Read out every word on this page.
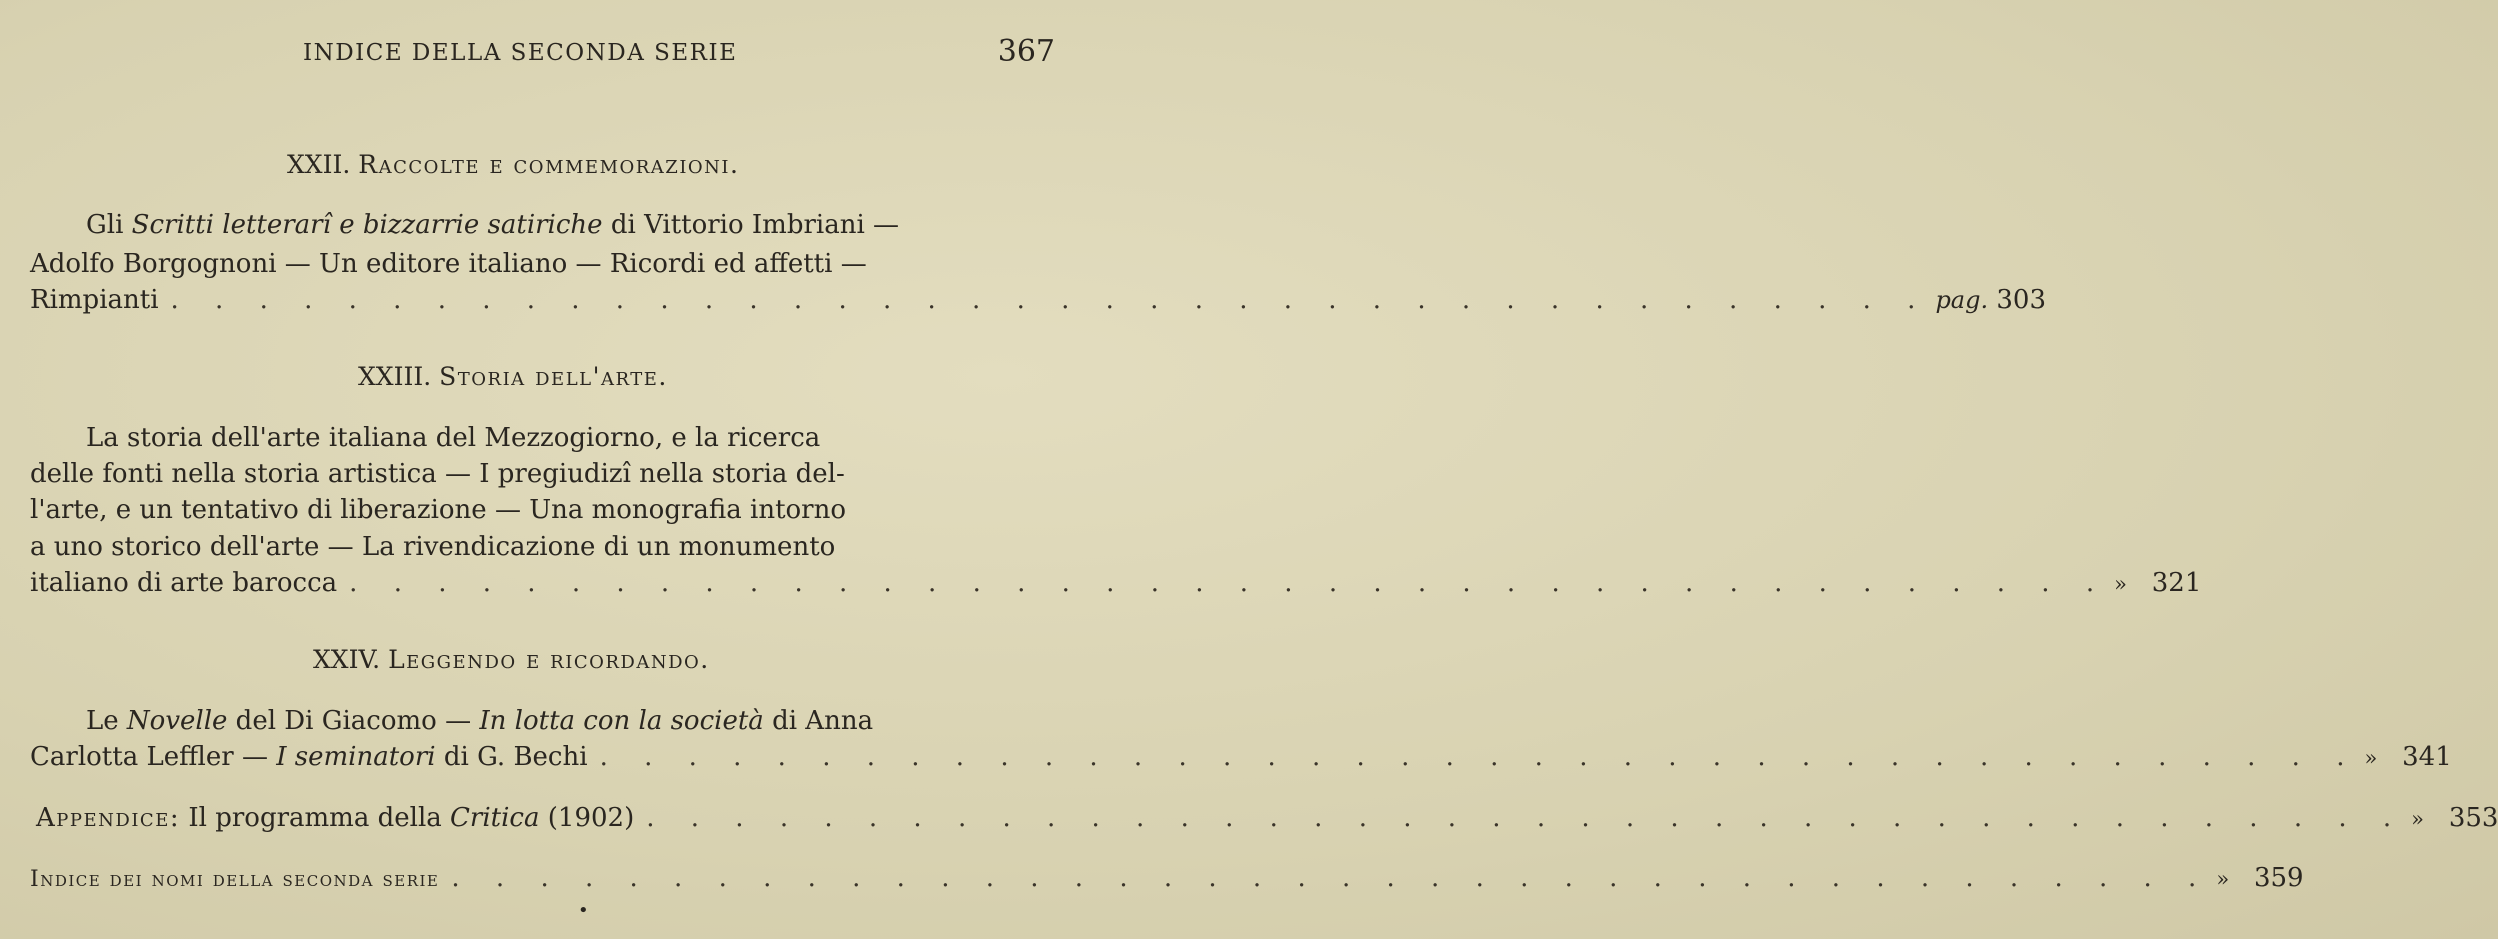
INDICE DELLA SECONDA SERIE	367
XXII. Raccolte e commemorazioni.
Gli Scritti letterarî e bizzarrie satiriche di Vittorio Imbriani —
Adolfo Borgognoni — Un editore italiano — Ricordi ed affetti —
Rimpianti . . . . . . . . . . . . . . . . . . . . . . . . . . . . . . . . . . . . . . . . pag. 303
XXIII. Storia dell'arte.
La storia dell'arte italiana del Mezzogiorno, e la ricerca
delle fonti nella storia artistica — I pregiudizî nella storia del-
l'arte, e un tentativo di liberazione — Una monografia intorno
a uno storico dell'arte — La rivendicazione di un monumento
italiano di arte barocca . . . . . . . . . . . . . . . . . . . . . . . . . . . . . . . . . . . . . . . . » 321
XXIV. Leggendo e ricordando.
Le Novelle del Di Giacomo — In lotta con la società di Anna
Carlotta Leffler — I seminatori di G. Bechi . . . . . . . . . . . . . . . . . . . . . . . . . . . . . . . . . . . . . . . . » 341
Appendice: Il programma della Critica (1902) . . . . . . . . . . . . . . . . . . . . . . . . . . . . . . . . . . . . . . . . » 353
Indice dei nomi della seconda serie . . . . . . . . . . . . . . . . . . . . . . . . . . . . . . . . . . . . . . . . » 359
•
